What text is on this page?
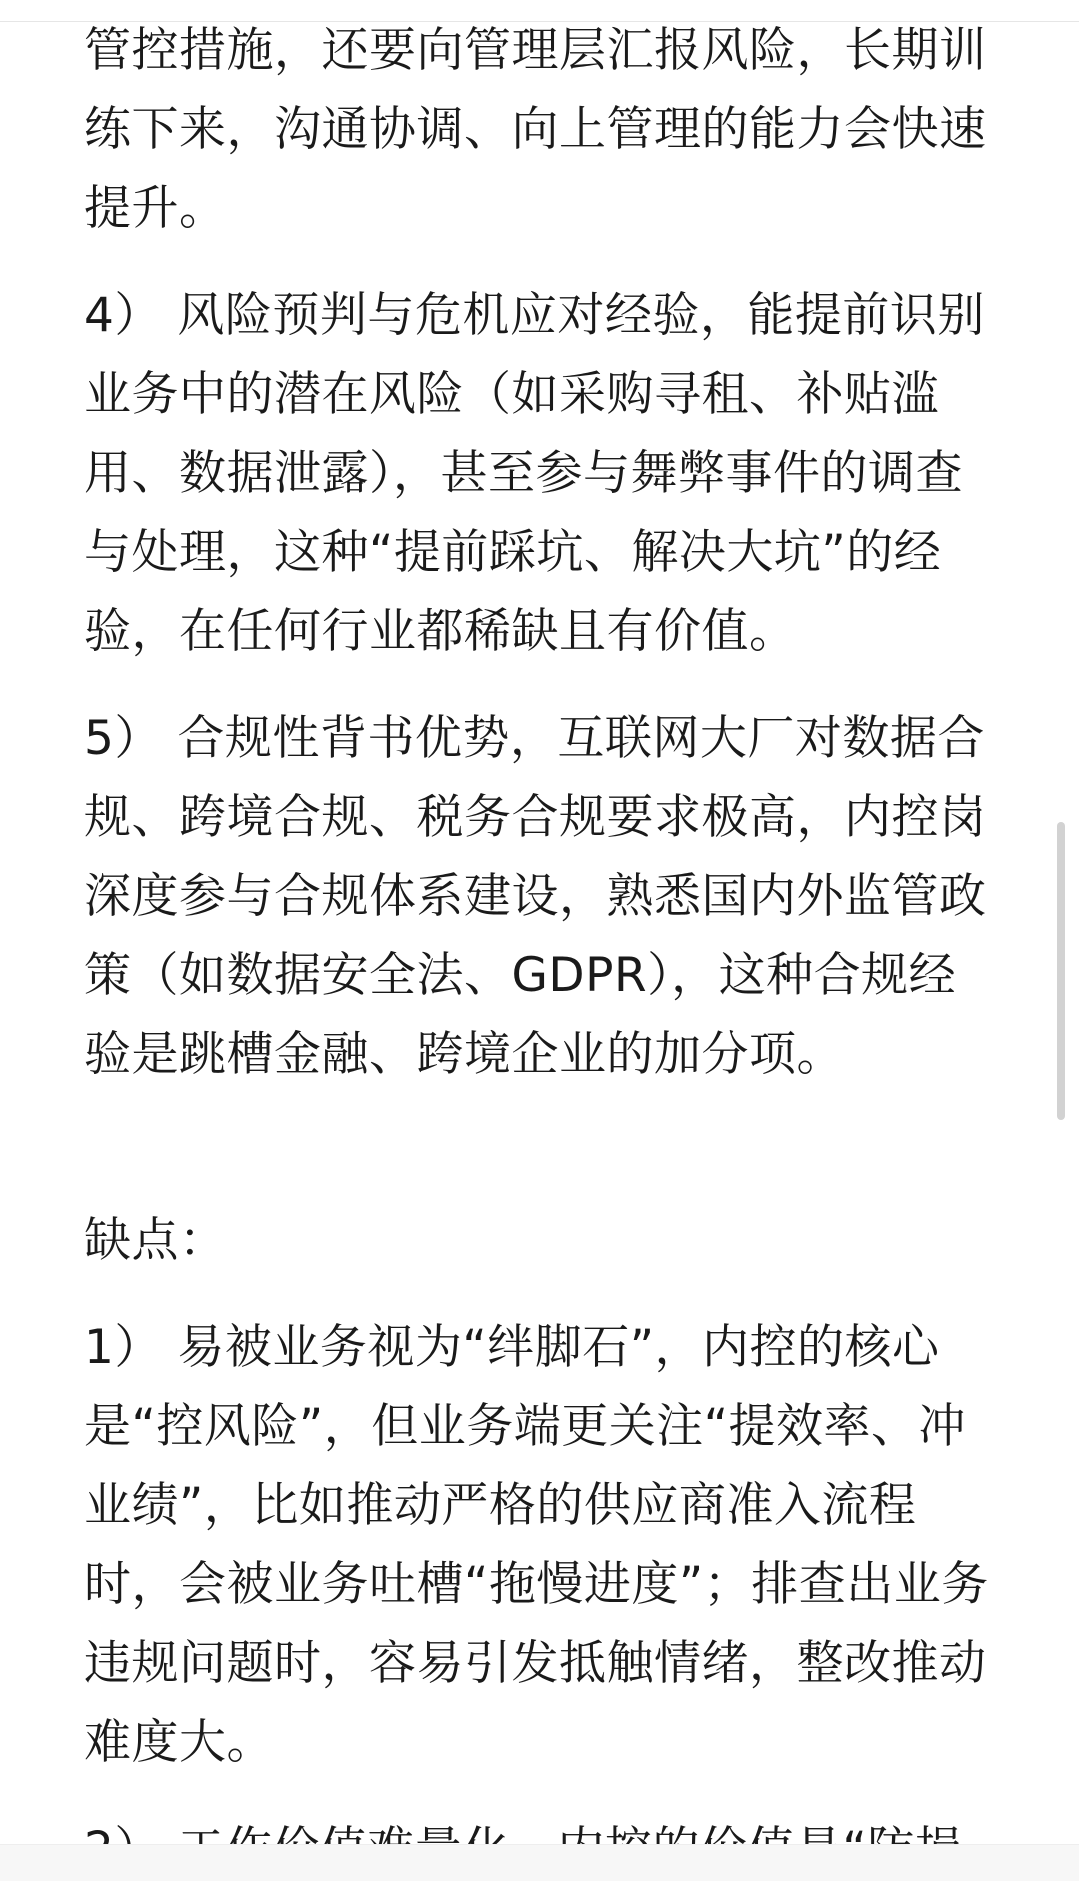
管控措施，还要向管理层汇报风险，长期训
练下来，沟通协调、向上管理的能力会快速
提升。
4） 风险预判与危机应对经验，能提前识别
业务中的潜在风险（如采购寻租、补贴滥
用、数据泄露），甚至参与舞弊事件的调查
与处理，这种“提前踩坑、解决大坑”的经
验，在任何行业都稀缺且有价值。
5） 合规性背书优势，互联网大厂对数据合
规、跨境合规、税务合规要求极高，内控岗
深度参与合规体系建设，熟悉国内外监管政
策（如数据安全法、GDPR），这种合规经
验是跳槽金融、跨境企业的加分项。
缺点：
1） 易被业务视为“绊脚石”，内控的核心
是“控风险”，但业务端更关注“提效率、冲
业绩”，比如推动严格的供应商准入流程
时，会被业务吐槽“拖慢进度”；排查出业务
违规问题时，容易引发抵触情绪，整改推动
难度大。
